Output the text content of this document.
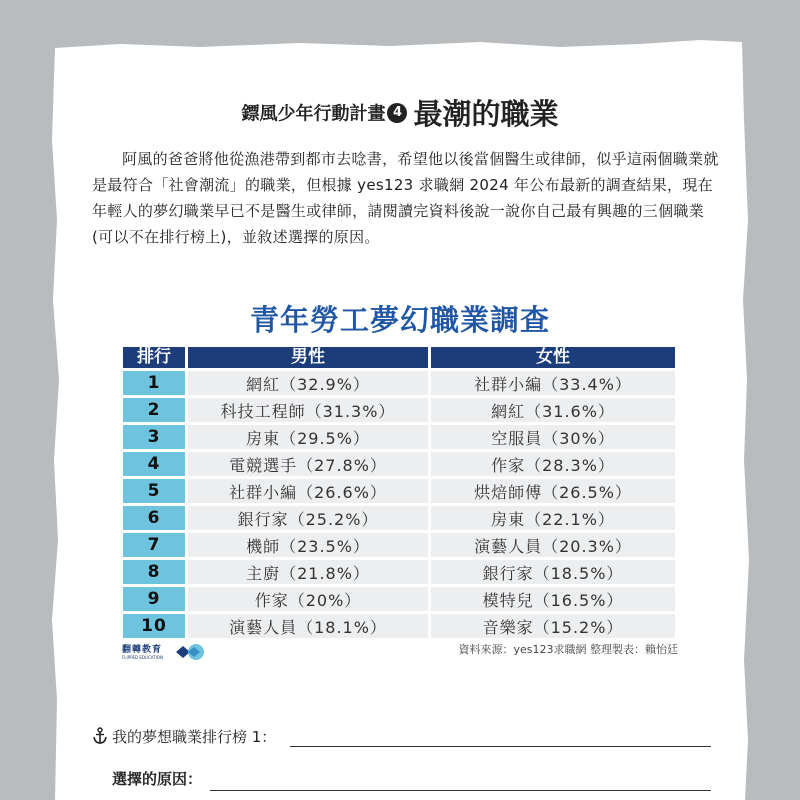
鏢風少年行動計畫 4 最潮的職業
阿風的爸爸將他從漁港帶到都市去唸書，希望他以後當個醫生或律師，似乎這兩個職業就是最符合「社會潮流」的職業，但根據 yes123 求職網 2024 年公布最新的調查結果，現在年輕人的夢幻職業早已不是醫生或律師，請閱讀完資料後說一說你自己最有興趣的三個職業(可以不在排行榜上)，並敘述選擇的原因。
青年勞工夢幻職業調查
排行	男性	女性
1	網紅（32.9%）	社群小編（33.4%）
2	科技工程師（31.3%）	網紅（31.6%）
3	房東（29.5%）	空服員（30%）
4	電競選手（27.8%）	作家（28.3%）
5	社群小編（26.6%）	烘焙師傅（26.5%）
6	銀行家（25.2%）	房東（22.1%）
7	機師（23.5%）	演藝人員（20.3%）
8	主廚（21.8%）	銀行家（18.5%）
9	作家（20%）	模特兒（16.5%）
10	演藝人員（18.1%）	音樂家（15.2%）
翻轉教育
FLIPPED EDUCATION
資料來源：yes123求職網 整理製表：賴怡廷
我的夢想職業排行榜 1：
選擇的原因：
